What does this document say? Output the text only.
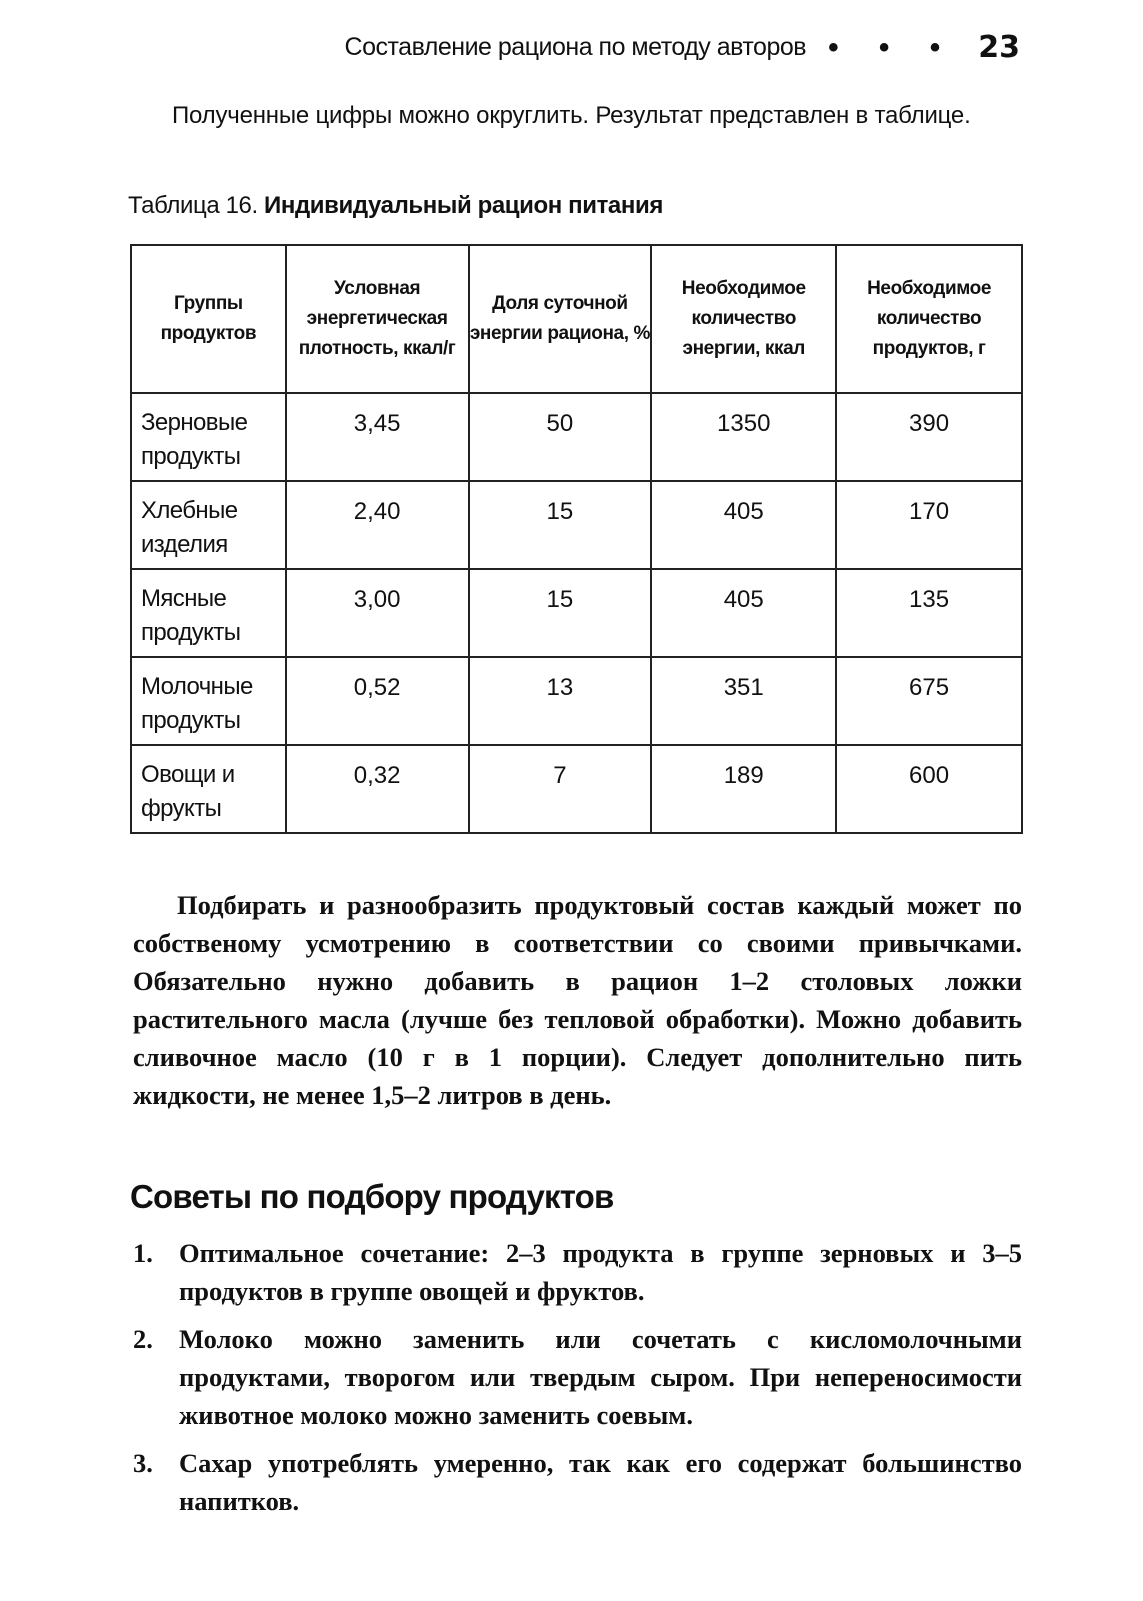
Составление рациона по методу авторов • • • 23

Полученные цифры можно округлить. Результат представлен в таблице.

Таблица 16. Индивидуальный рацион питания
Группы продуктов	Условная энергетическая плотность, ккал/г	Доля суточной энергии рациона, %	Необходимое количество энергии, ккал	Необходимое количество продуктов, г
Зерновые продукты	3,45	50	1350	390
Хлебные изделия	2,40	15	405	170
Мясные продукты	3,00	15	405	135
Молочные продукты	0,52	13	351	675
Овощи и фрукты	0,32	7	189	600

Подбирать и разнообразить продуктовый состав каждый может по собственому усмотрению в соответствии со своими привычками. Обязательно нужно добавить в рацион 1–2 столовых ложки растительного масла (лучше без тепловой обработки). Можно добавить сливочное масло (10 г в 1 порции). Следует дополнительно пить жидкости, не менее 1,5–2 литров в день.

Советы по подбору продуктов
1. Оптимальное сочетание: 2–3 продукта в группе зерновых и 3–5 продуктов в группе овощей и фруктов.
2. Молоко можно заменить или сочетать с кисломолочными продуктами, творогом или твердым сыром. При непереносимости животное молоко можно заменить соевым.
3. Сахар употреблять умеренно, так как его содержат большинство напитков.
